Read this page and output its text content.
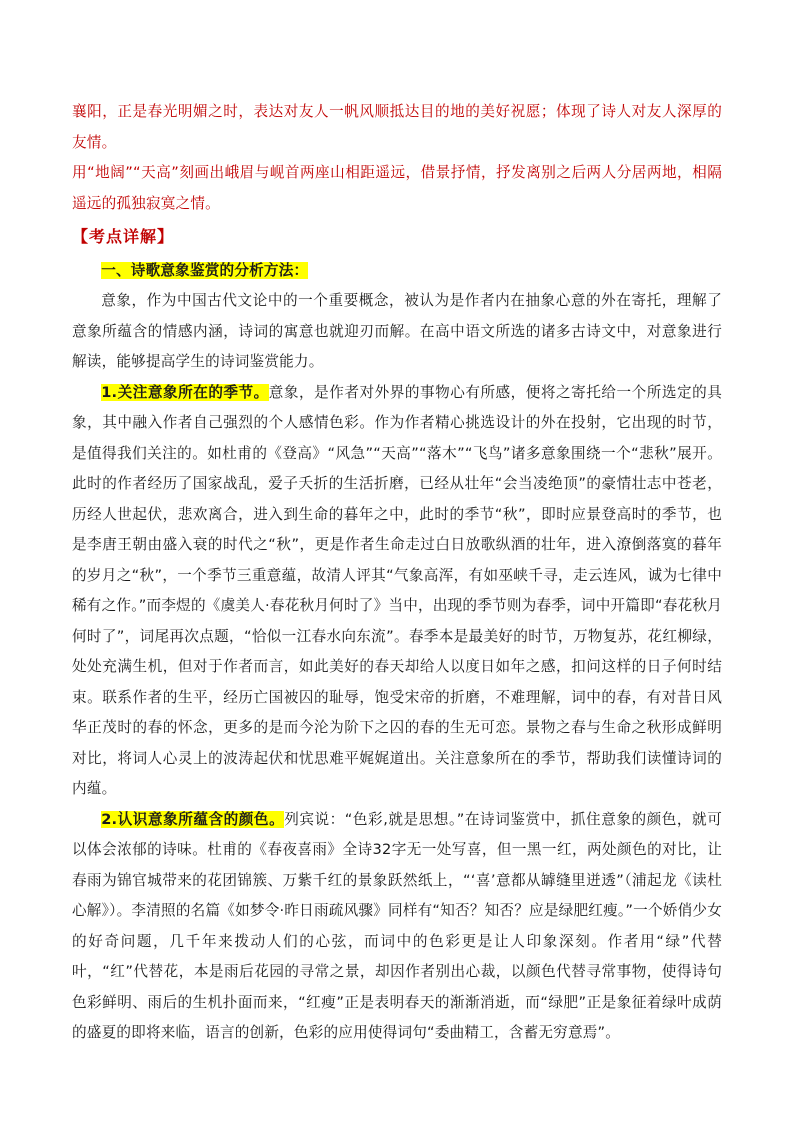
襄阳，正是春光明媚之时，表达对友人一帆风顺抵达目的地的美好祝愿；体现了诗人对友人深厚的友情。

用“地阔”“天高”刻画出峨眉与岘首两座山相距遥远，借景抒情，抒发离别之后两人分居两地，相隔遥远的孤独寂寞之情。

【考点详解】

一、诗歌意象鉴赏的分析方法：

意象，作为中国古代文论中的一个重要概念，被认为是作者内在抽象心意的外在寄托，理解了意象所蕴含的情感内涵，诗词的寓意也就迎刃而解。在高中语文所选的诸多古诗文中，对意象进行解读，能够提高学生的诗词鉴赏能力。

1.关注意象所在的季节。意象，是作者对外界的事物心有所感，便将之寄托给一个所选定的具象，其中融入作者自己强烈的个人感情色彩。作为作者精心挑选设计的外在投射，它出现的时节，是值得我们关注的。如杜甫的《登高》“风急”“天高”“落木”“飞鸟”诸多意象围绕一个“悲秋”展开。此时的作者经历了国家战乱，爱子夭折的生活折磨，已经从壮年“会当凌绝顶”的豪情壮志中苍老，历经人世起伏，悲欢离合，进入到生命的暮年之中，此时的季节“秋”，即时应景登高时的季节，也是李唐王朝由盛入衰的时代之“秋”，更是作者生命走过白日放歌纵酒的壮年，进入潦倒落寞的暮年的岁月之“秋”，一个季节三重意蕴，故清人评其“气象高浑，有如巫峡千寻，走云连风，诚为七律中稀有之作。”而李煜的《虞美人·春花秋月何时了》当中，出现的季节则为春季，词中开篇即“春花秋月何时了”，词尾再次点题，“恰似一江春水向东流”。春季本是最美好的时节，万物复苏，花红柳绿，处处充满生机，但对于作者而言，如此美好的春天却给人以度日如年之感，扣问这样的日子何时结束。联系作者的生平，经历亡国被囚的耻辱，饱受宋帝的折磨，不难理解，词中的春，有对昔日风华正茂时的春的怀念，更多的是而今沦为阶下之囚的春的生无可恋。景物之春与生命之秋形成鲜明对比，将词人心灵上的波涛起伏和忧思难平娓娓道出。关注意象所在的季节，帮助我们读懂诗词的内蕴。

2.认识意象所蕴含的颜色。列宾说：“色彩,就是思想。”在诗词鉴赏中，抓住意象的颜色，就可以体会浓郁的诗味。杜甫的《春夜喜雨》全诗32字无一处写喜，但一黑一红，两处颜色的对比，让春雨为锦官城带来的花团锦簇、万紫千红的景象跃然纸上，“‘喜’意都从罅缝里迸透”（浦起龙《读杜心解》）。李清照的名篇《如梦令·昨日雨疏风骤》同样有“知否？知否？应是绿肥红瘦。”一个娇俏少女的好奇问题，几千年来拨动人们的心弦，而词中的色彩更是让人印象深刻。作者用“绿”代替叶，“红”代替花，本是雨后花园的寻常之景，却因作者别出心裁，以颜色代替寻常事物，使得诗句色彩鲜明、雨后的生机扑面而来，“红瘦”正是表明春天的渐渐消逝，而“绿肥”正是象征着绿叶成荫的盛夏的即将来临，语言的创新，色彩的应用使得词句“委曲精工，含蓄无穷意焉”。
